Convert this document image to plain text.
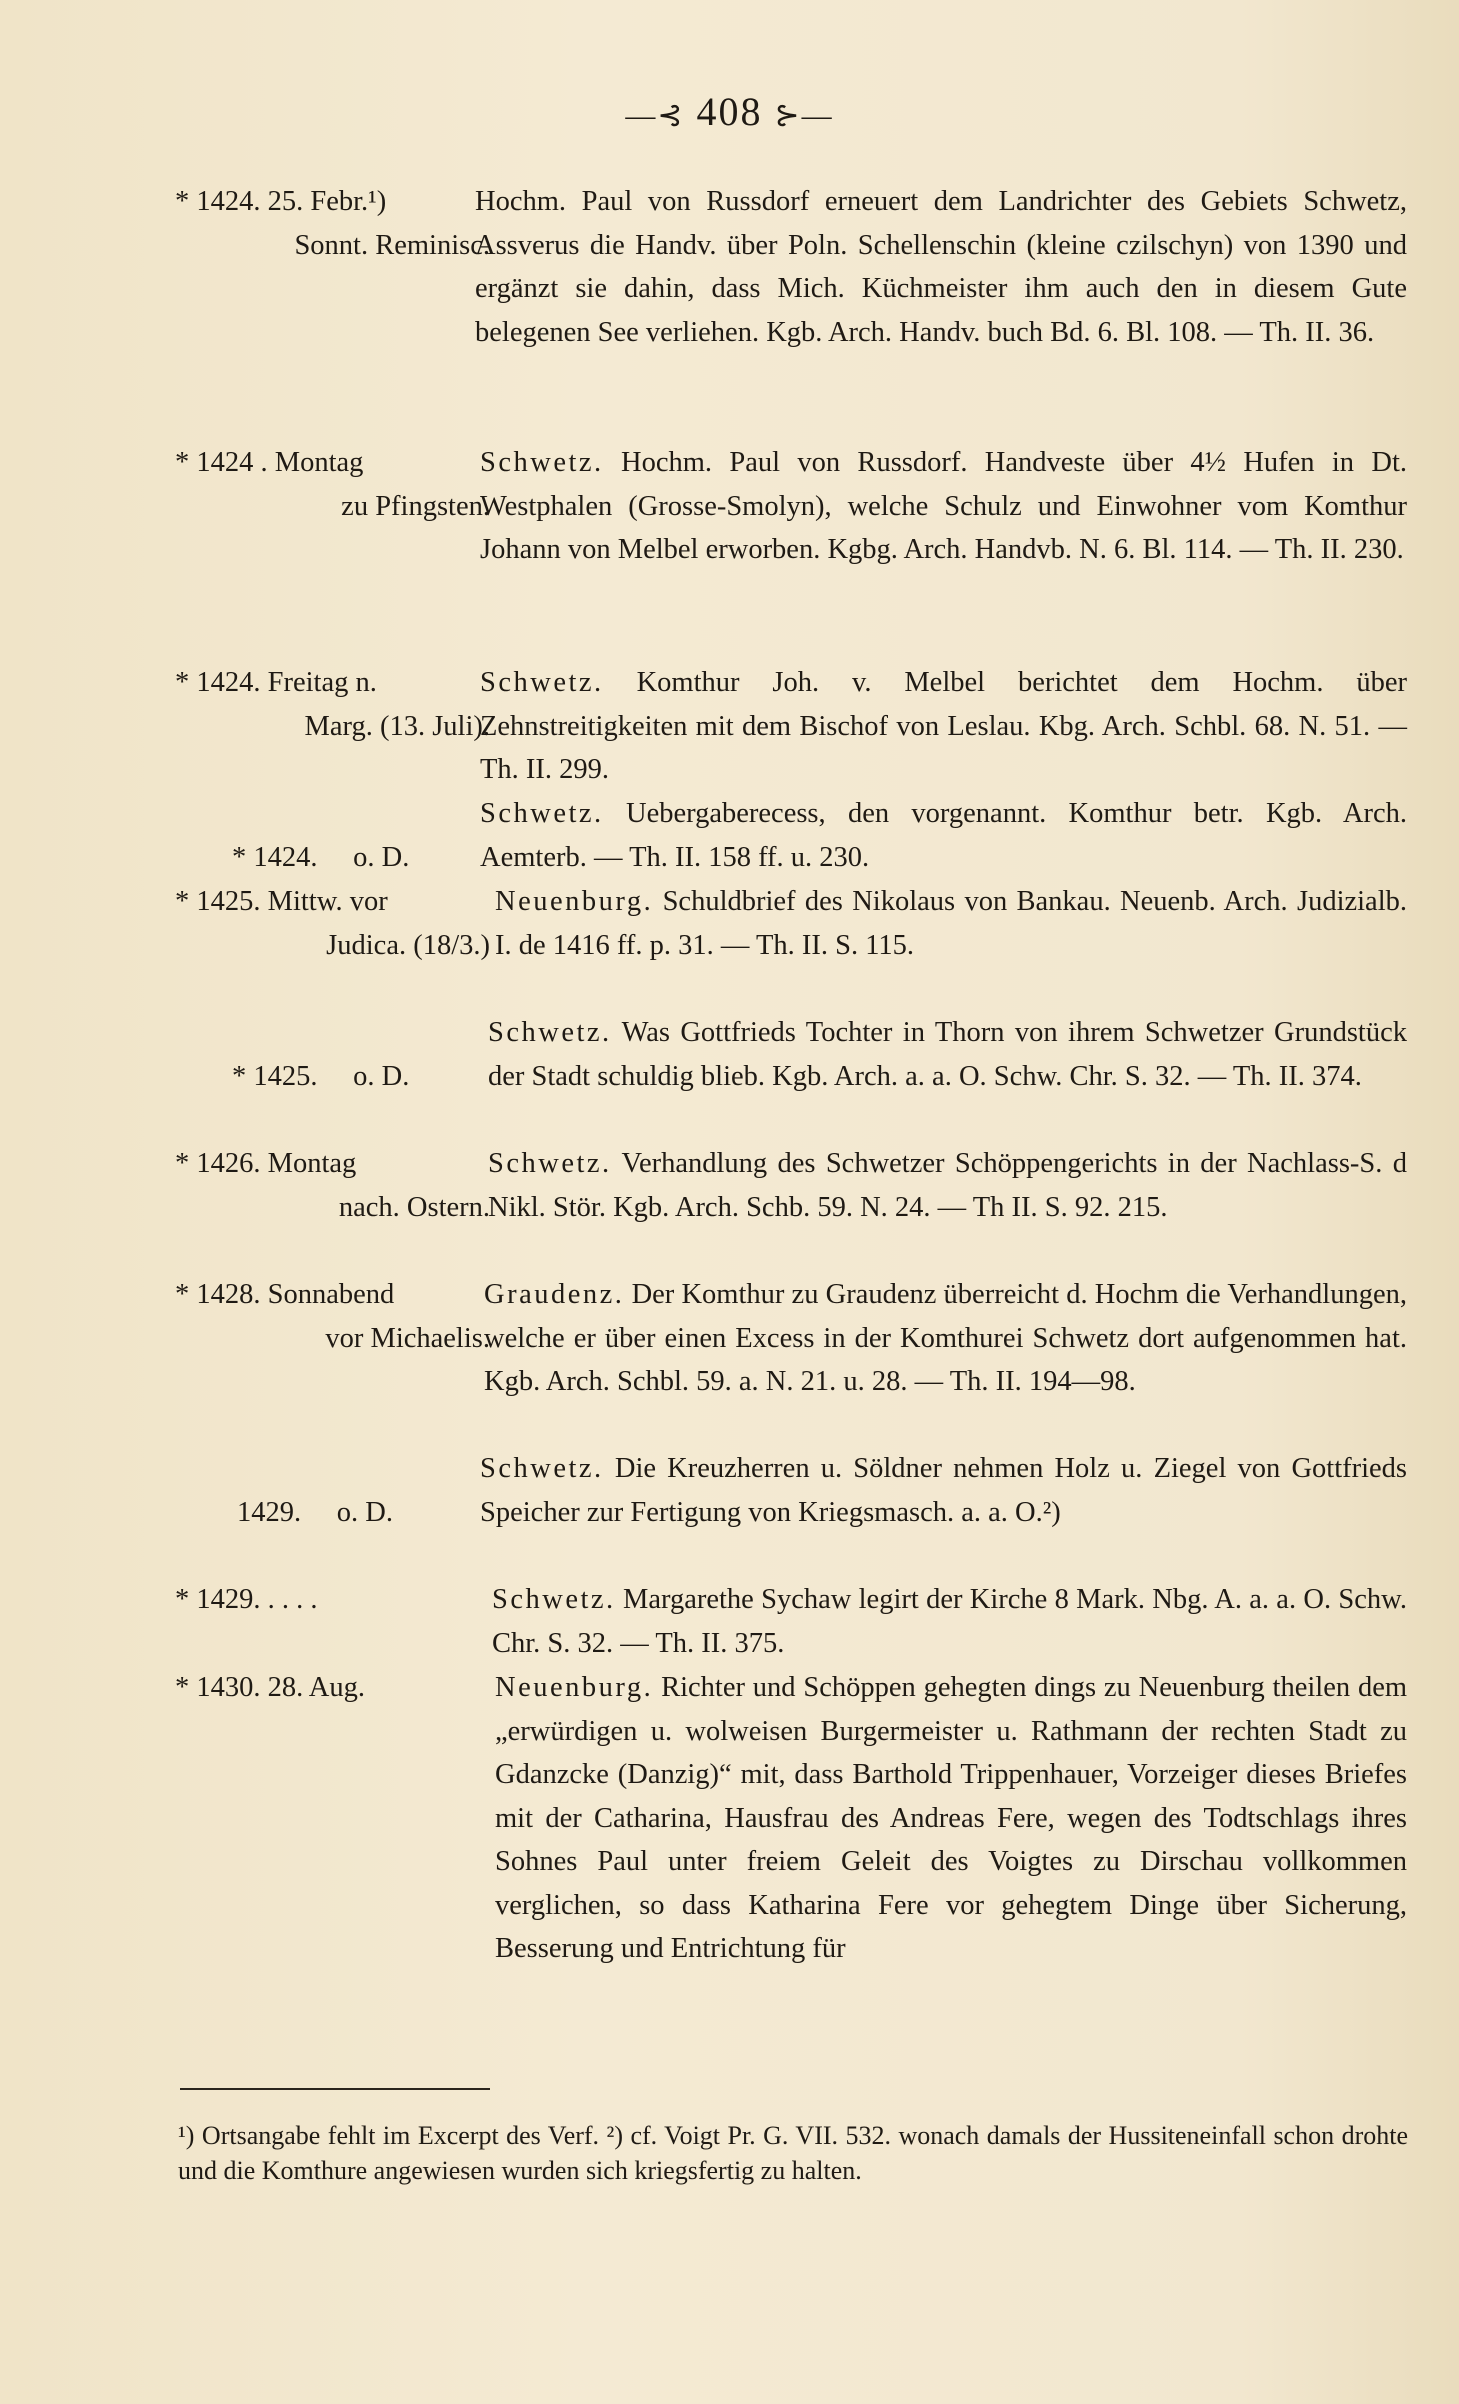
—⊰ 408 ⊱—
* 1424. 25. Febr.¹)
Sonnt. Reminisc.
Hochm. Paul von Russdorf erneuert dem Landrichter des Gebiets Schwetz, Assverus die Handv. über Poln. Schellenschin (kleine czilschyn) von 1390 und ergänzt sie dahin, dass Mich. Küchmeister ihm auch den in diesem Gute belegenen See verliehen. Kgb. Arch. Handv. buch Bd. 6. Bl. 108. — Th. II. 36.
* 1424 . Montag
zu Pfingsten.
Schwetz. Hochm. Paul von Russdorf. Handveste über 4½ Hufen in Dt. Westphalen (Grosse-Smolyn), welche Schulz und Einwohner vom Komthur Johann von Melbel erworben. Kgbg. Arch. Handvb. N. 6. Bl. 114. — Th. II. 230.
* 1424. Freitag n.
Marg. (13. Juli).
Schwetz. Komthur Joh. v. Melbel berichtet dem Hochm. über Zehnstreitigkeiten mit dem Bischof von Leslau. Kbg. Arch. Schbl. 68. N. 51. — Th. II. 299.

* 1424.     o. D.

Schwetz. Uebergaberecess, den vorgenannt. Komthur betr. Kgb. Arch. Aemterb. — Th. II. 158 ff. u. 230.
* 1425. Mittw. vor
Judica. (18/3.)
Neuenburg. Schuldbrief des Nikolaus von Bankau. Neuenb. Arch. Judizialb. I. de 1416 ff. p. 31. — Th. II. S. 115.

* 1425.     o. D.

Schwetz. Was Gottfrieds Tochter in Thorn von ihrem Schwetzer Grundstück der Stadt schuldig blieb. Kgb. Arch. a. a. O. Schw. Chr. S. 32. — Th. II. 374.
* 1426. Montag
nach. Ostern.
Schwetz. Verhandlung des Schwetzer Schöppengerichts in der Nachlass-S. d Nikl. Stör. Kgb. Arch. Schb. 59. N. 24. — Th II. S. 92. 215.
* 1428. Sonnabend
vor Michaelis.
Graudenz. Der Komthur zu Graudenz überreicht d. Hochm die Verhandlungen, welche er über einen Excess in der Komthurei Schwetz dort aufgenommen hat. Kgb. Arch. Schbl. 59. a. N. 21. u. 28. — Th. II. 194—98.

1429.     o. D.

Schwetz. Die Kreuzherren u. Söldner nehmen Holz u. Ziegel von Gottfrieds Speicher zur Fertigung von Kriegsmasch. a. a. O.²)
* 1429. . . . .	Schwetz. Margarethe Sychaw legirt der Kirche 8 Mark. Nbg. A. a. a. O. Schw. Chr. S. 32. — Th. II. 375.
* 1430. 28. Aug.	Neuenburg. Richter und Schöppen gehegten dings zu Neuenburg theilen dem „erwürdigen u. wolweisen Burgermeister u. Rathmann der rechten Stadt zu Gdanzcke (Danzig)“ mit, dass Barthold Trippenhauer, Vorzeiger dieses Briefes mit der Catharina, Hausfrau des Andreas Fere, wegen des Todtschlags ihres Sohnes Paul unter freiem Geleit des Voigtes zu Dirschau vollkommen verglichen, so dass Katharina Fere vor gehegtem Dinge über Sicherung, Besserung und Entrichtung für
¹) Ortsangabe fehlt im Excerpt des Verf. ²) cf. Voigt Pr. G. VII. 532. wonach damals der Hussiteneinfall schon drohte und die Komthure angewiesen wurden sich kriegsfertig zu halten.
